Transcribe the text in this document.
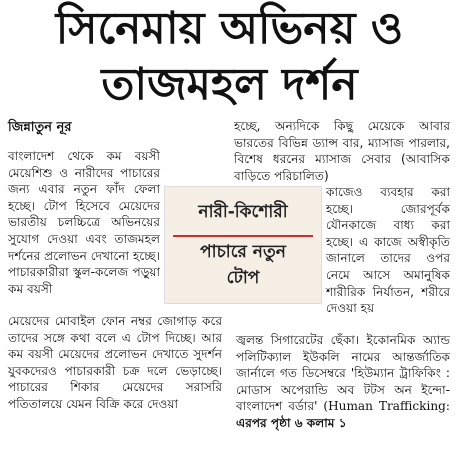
সিনেমায় অভিনয় ও
তাজমহল দর্শন
জিন্নাতুন নূর

বাংলাদেশ থেকে কম বয়সী মেয়েশিশু ও নারীদের পাচারের জন্য এবার নতুন ফাঁদ ফেলা হচ্ছে। টোপ হিসেবে মেয়েদের ভারতীয় চলচ্চিত্রে অভিনয়ের সুযোগ দেওয়া এবং তাজমহল দর্শনের প্রলোভন দেখানো হচ্ছে। পাচারকারীরা স্কুল-কলেজ পড়ুয়া কম বয়সী

নারী-কিশোরী
পাচারে নতুন
টোপ

মেয়েদের মোবাইল ফোন নম্বর জোগাড় করে তাদের সঙ্গে কথা বলে এ টোপ দিচ্ছে। আর কম বয়সী মেয়েদের প্রলোভন দেখাতে সুদর্শন যুবকদেরও পাচারকারী চক্র দলে ভেড়াচ্ছে। পাচারের শিকার মেয়েদের সরাসরি পতিতালয়ে যেমন বিক্রি করে দেওয়া

হচ্ছে, অন্যদিকে কিছু মেয়েকে আবার ভারতের বিভিন্ন ড্যান্স বার, ম্যাসাজ পারলার, বিশেষ ধরনের ম্যাসাজ সেবার (আবাসিক বাড়িতে পরিচালিত)

কাজেও ব্যবহার করা হচ্ছে। জোরপূর্বক যৌনকাজে বাধ্য করা হচ্ছে। এ কাজে অস্বীকৃতি জানালে তাদের ওপর নেমে আসে অমানুষিক শারীরিক নির্যাতন, শরীরে দেওয়া হয়

জ্বলন্ত সিগারেটের ছেঁকা। ইকোনমিক অ্যান্ড পলিটিক্যাল ইউকলি নামের আন্তর্জাতিক জার্নালে গত ডিসেম্বরে 'হিউম্যান ট্রাফিকিং : মোডাস অপেরান্ডি অব টটস অন ইন্দো-বাংলাদেশ বর্ডার' (Human Trafficking: এরপর পৃষ্ঠা ৬ কলাম ১
